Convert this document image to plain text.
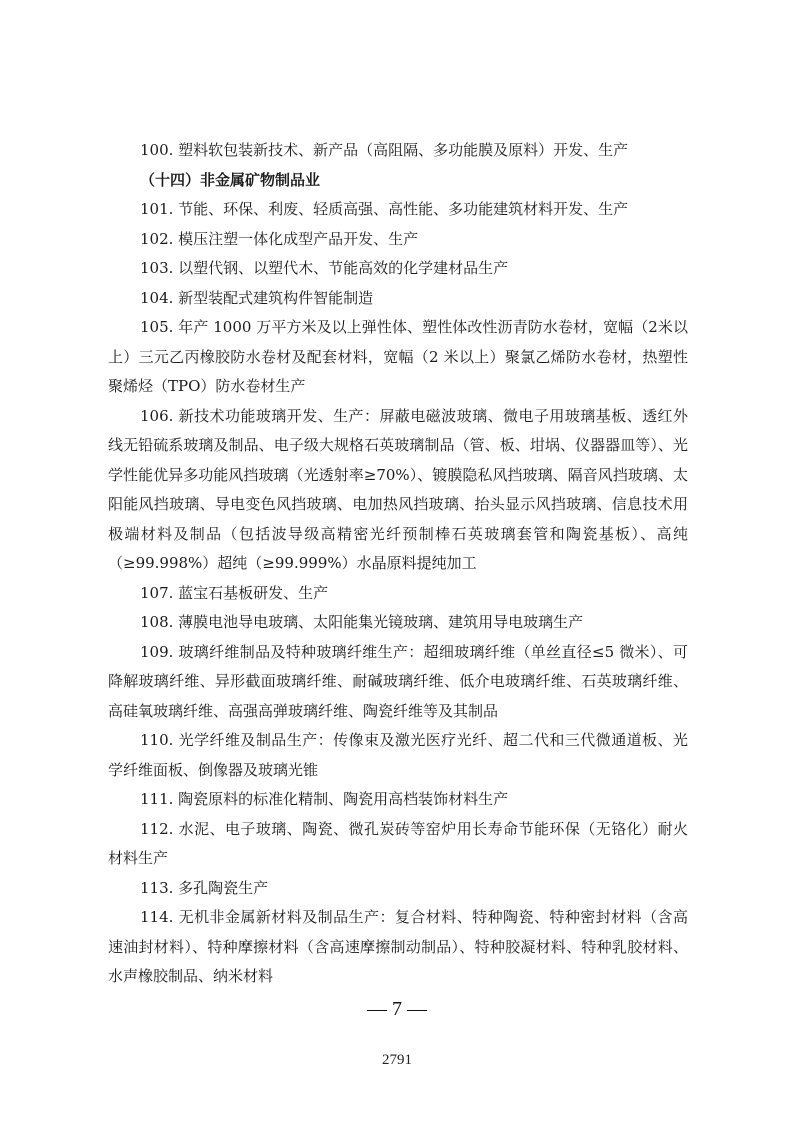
100. 塑料软包装新技术、新产品（高阻隔、多功能膜及原料）开发、生产

（十四）非金属矿物制品业

101. 节能、环保、利废、轻质高强、高性能、多功能建筑材料开发、生产

102. 模压注塑一体化成型产品开发、生产

103. 以塑代钢、以塑代木、节能高效的化学建材品生产

104. 新型装配式建筑构件智能制造

105. 年产 1000 万平方米及以上弹性体、塑性体改性沥青防水卷材，宽幅（2米以上）三元乙丙橡胶防水卷材及配套材料，宽幅（2 米以上）聚氯乙烯防水卷材，热塑性聚烯烃（TPO）防水卷材生产

106. 新技术功能玻璃开发、生产：屏蔽电磁波玻璃、微电子用玻璃基板、透红外线无铅硫系玻璃及制品、电子级大规格石英玻璃制品（管、板、坩埚、仪器器皿等）、光学性能优异多功能风挡玻璃（光透射率≥70%）、镀膜隐私风挡玻璃、隔音风挡玻璃、太阳能风挡玻璃、导电变色风挡玻璃、电加热风挡玻璃、抬头显示风挡玻璃、信息技术用极端材料及制品（包括波导级高精密光纤预制棒石英玻璃套管和陶瓷基板）、高纯（≥99.998%）超纯（≥99.999%）水晶原料提纯加工

107. 蓝宝石基板研发、生产

108. 薄膜电池导电玻璃、太阳能集光镜玻璃、建筑用导电玻璃生产

109. 玻璃纤维制品及特种玻璃纤维生产：超细玻璃纤维（单丝直径≤5 微米）、可降解玻璃纤维、异形截面玻璃纤维、耐碱玻璃纤维、低介电玻璃纤维、石英玻璃纤维、高硅氧玻璃纤维、高强高弹玻璃纤维、陶瓷纤维等及其制品

110. 光学纤维及制品生产：传像束及激光医疗光纤、超二代和三代微通道板、光学纤维面板、倒像器及玻璃光锥

111. 陶瓷原料的标准化精制、陶瓷用高档装饰材料生产

112. 水泥、电子玻璃、陶瓷、微孔炭砖等窑炉用长寿命节能环保（无铬化）耐火材料生产

113. 多孔陶瓷生产

114. 无机非金属新材料及制品生产：复合材料、特种陶瓷、特种密封材料（含高速油封材料）、特种摩擦材料（含高速摩擦制动制品）、特种胶凝材料、特种乳胶材料、水声橡胶制品、纳米材料

— 7 —
2791
